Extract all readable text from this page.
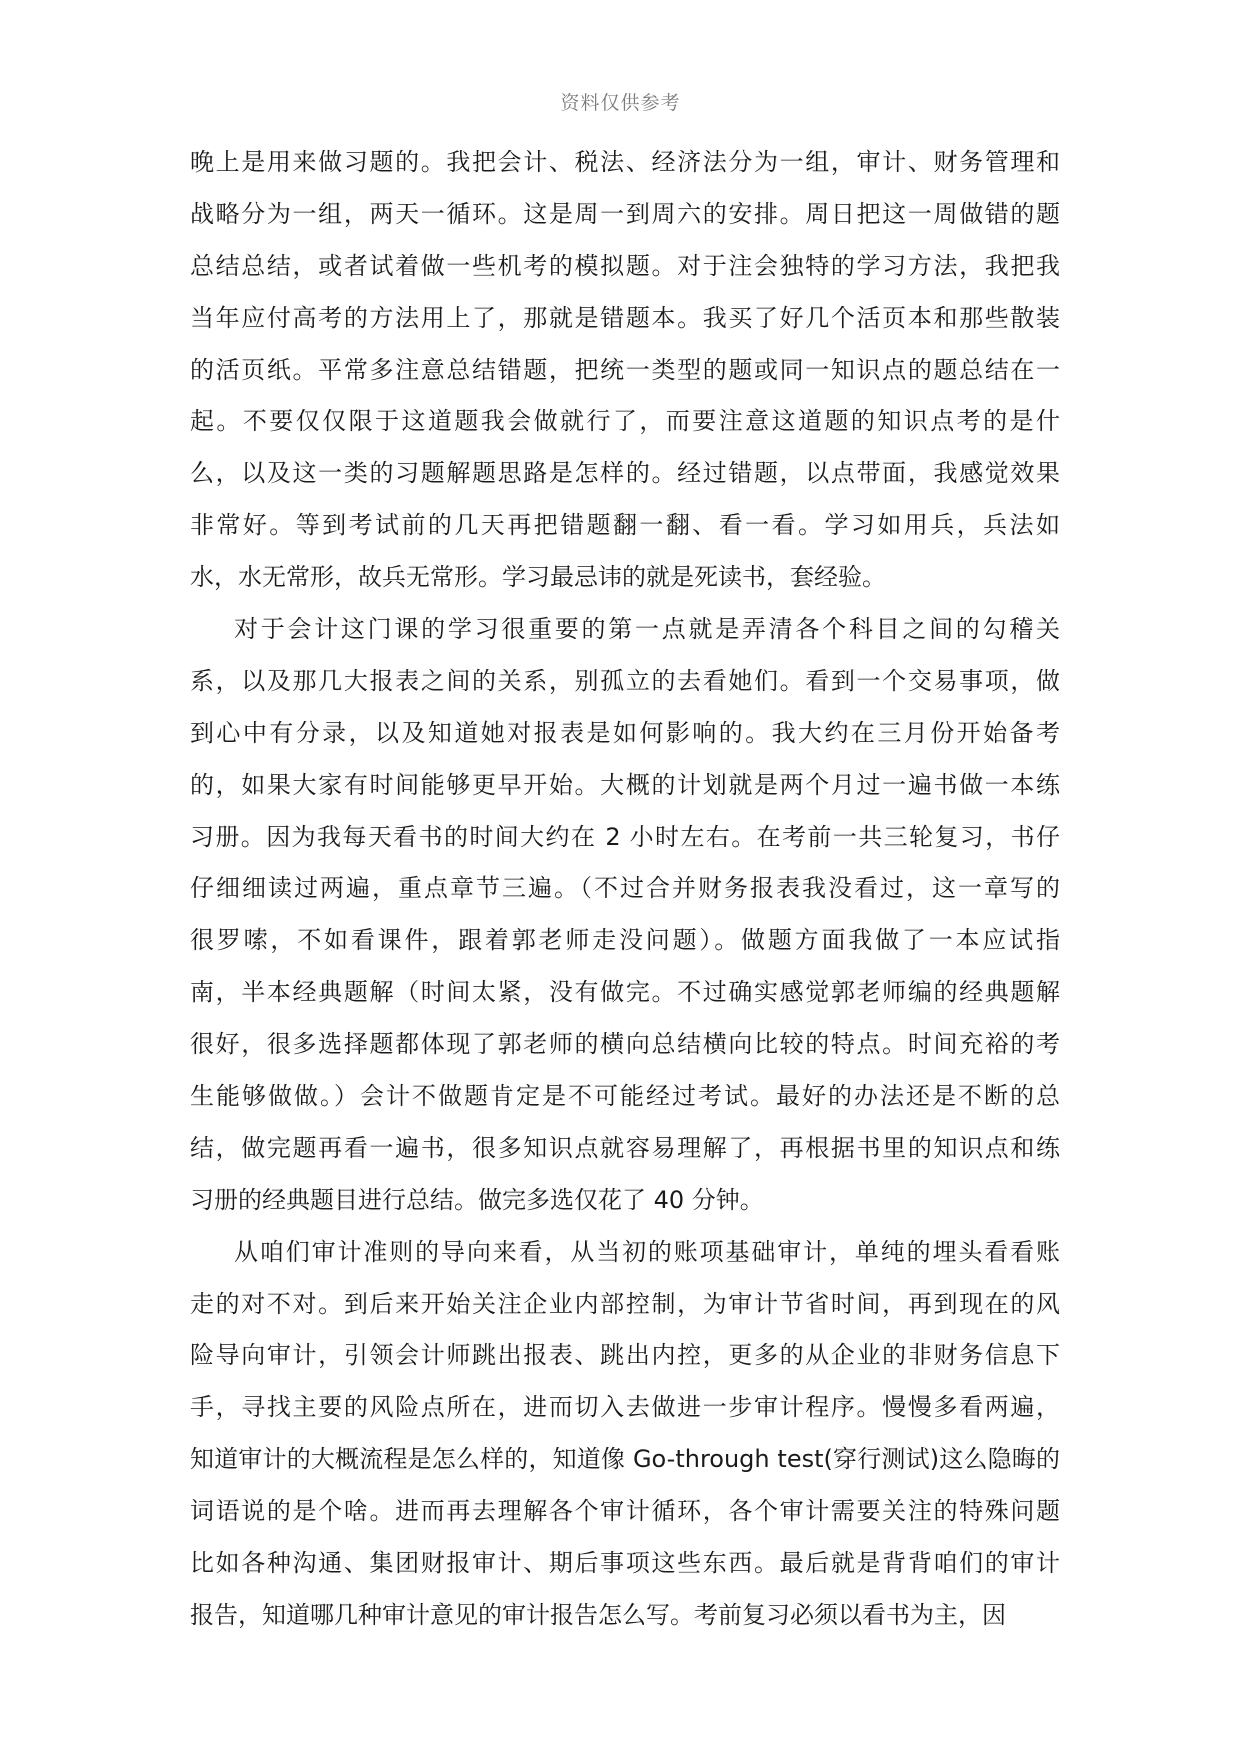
资料仅供参考
晚上是用来做习题的。我把会计、税法、经济法分为一组，审计、财务管理和
战略分为一组，两天一循环。这是周一到周六的安排。周日把这一周做错的题
总结总结，或者试着做一些机考的模拟题。对于注会独特的学习方法，我把我
当年应付高考的方法用上了，那就是错题本。我买了好几个活页本和那些散装
的活页纸。平常多注意总结错题，把统一类型的题或同一知识点的题总结在一
起。不要仅仅限于这道题我会做就行了，而要注意这道题的知识点考的是什
么，以及这一类的习题解题思路是怎样的。经过错题，以点带面，我感觉效果
非常好。等到考试前的几天再把错题翻一翻、看一看。学习如用兵，兵法如
水，水无常形，故兵无常形。学习最忌讳的就是死读书，套经验。
对于会计这门课的学习很重要的第一点就是弄清各个科目之间的勾稽关
系，以及那几大报表之间的关系，别孤立的去看她们。看到一个交易事项，做
到心中有分录，以及知道她对报表是如何影响的。我大约在三月份开始备考
的，如果大家有时间能够更早开始。大概的计划就是两个月过一遍书做一本练
习册。因为我每天看书的时间大约在 2 小时左右。在考前一共三轮复习，书仔
仔细细读过两遍，重点章节三遍。（不过合并财务报表我没看过，这一章写的
很罗嗦，不如看课件，跟着郭老师走没问题）。做题方面我做了一本应试指
南，半本经典题解（时间太紧，没有做完。不过确实感觉郭老师编的经典题解
很好，很多选择题都体现了郭老师的横向总结横向比较的特点。时间充裕的考
生能够做做。）会计不做题肯定是不可能经过考试。最好的办法还是不断的总
结，做完题再看一遍书，很多知识点就容易理解了，再根据书里的知识点和练
习册的经典题目进行总结。做完多选仅花了 40 分钟。
从咱们审计准则的导向来看，从当初的账项基础审计，单纯的埋头看看账
走的对不对。到后来开始关注企业内部控制，为审计节省时间，再到现在的风
险导向审计，引领会计师跳出报表、跳出内控，更多的从企业的非财务信息下
手，寻找主要的风险点所在，进而切入去做进一步审计程序。慢慢多看两遍，
知道审计的大概流程是怎么样的，知道像 Go-through test(穿行测试)这么隐晦的
词语说的是个啥。进而再去理解各个审计循环，各个审计需要关注的特殊问题
比如各种沟通、集团财报审计、期后事项这些东西。最后就是背背咱们的审计
报告，知道哪几种审计意见的审计报告怎么写。考前复习必须以看书为主，因
